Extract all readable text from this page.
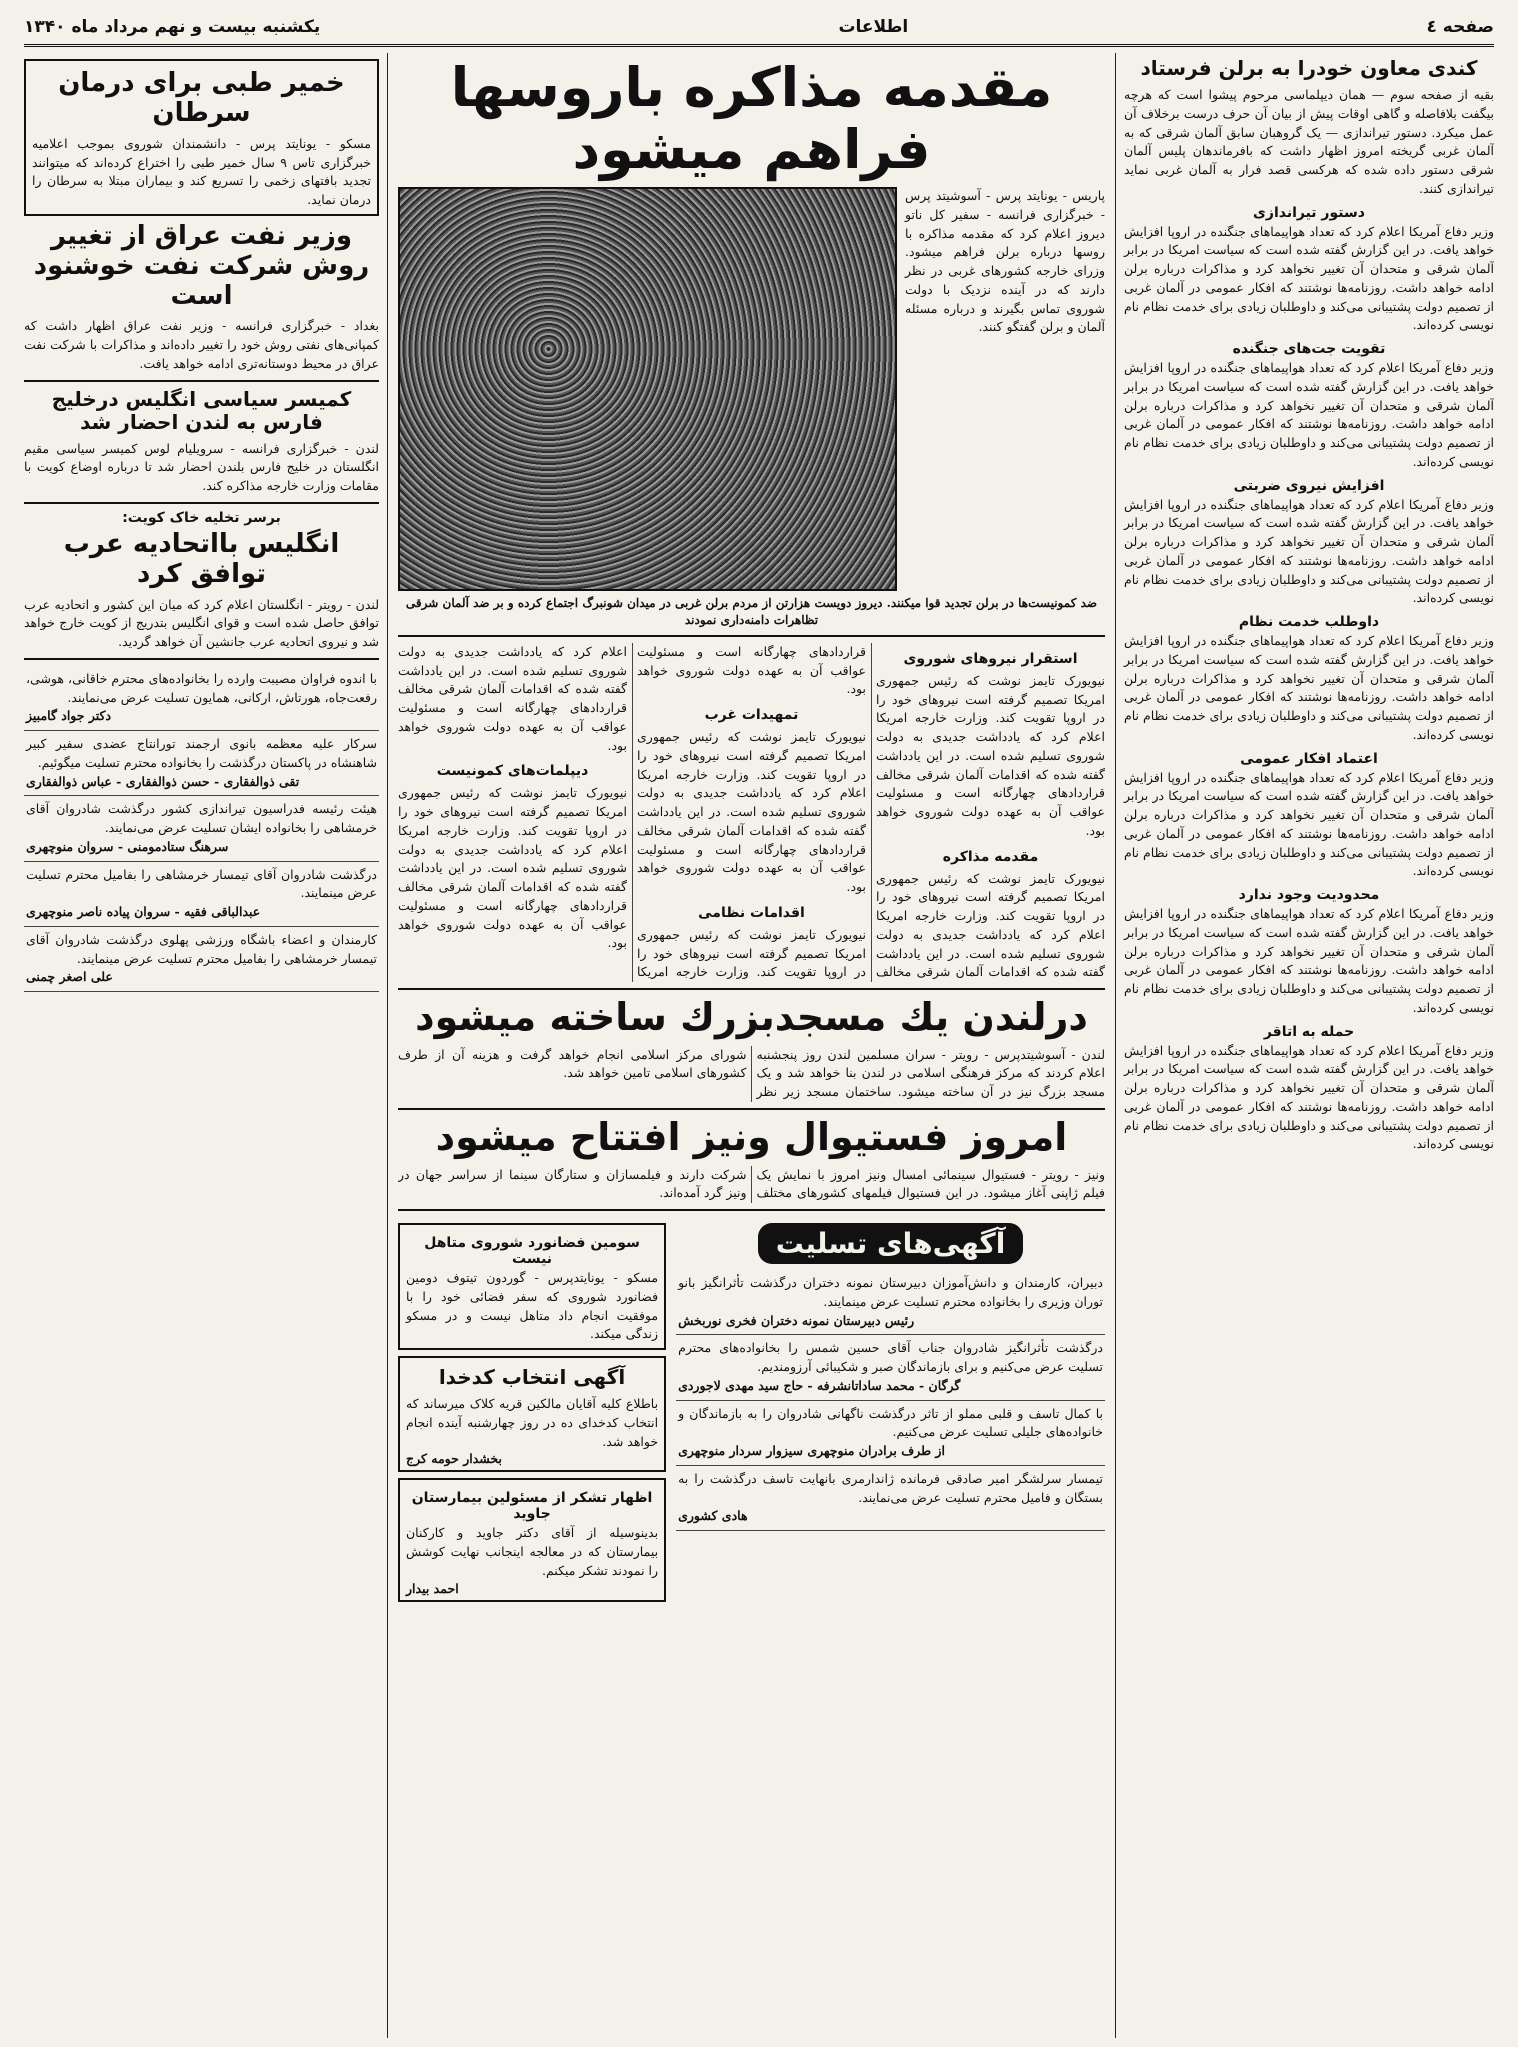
صفحه ٤
اطلاعات
یکشنبه بیست و نهم مرداد ماه ۱۳۴۰
کندی معاون خودرا به برلن فرستاد
بقیه از صفحه سوم — همان دیپلماسی مرحوم پیشوا است که هرچه بیگفت بلافاصله و گاهی اوقات پیش از بیان آن حرف درست برخلاف آن عمل میکرد. دستور تیراندازی — یک گروهبان سابق آلمان شرقی که به آلمان غربی گریخته امروز اظهار داشت که بافرماندهان پلیس آلمان شرقی دستور داده شده که هرکسی قصد فرار به آلمان غربی نماید تیراندازی کنند.
دستور تیراندازی
وزیر دفاع آمریکا اعلام کرد که تعداد هواپیماهای جنگنده در اروپا افزایش خواهد یافت. در این گزارش گفته شده است که سیاست امریکا در برابر آلمان شرقی و متحدان آن تغییر نخواهد کرد و مذاکرات درباره برلن ادامه خواهد داشت. روزنامه‌ها نوشتند که افکار عمومی در آلمان غربی از تصمیم دولت پشتیبانی می‌کند و داوطلبان زیادی برای خدمت نظام نام نویسی کرده‌اند.
تقویت جت‌های جنگنده
وزیر دفاع آمریکا اعلام کرد که تعداد هواپیماهای جنگنده در اروپا افزایش خواهد یافت. در این گزارش گفته شده است که سیاست امریکا در برابر آلمان شرقی و متحدان آن تغییر نخواهد کرد و مذاکرات درباره برلن ادامه خواهد داشت. روزنامه‌ها نوشتند که افکار عمومی در آلمان غربی از تصمیم دولت پشتیبانی می‌کند و داوطلبان زیادی برای خدمت نظام نام نویسی کرده‌اند.
افزایش نیروی ضربتی
وزیر دفاع آمریکا اعلام کرد که تعداد هواپیماهای جنگنده در اروپا افزایش خواهد یافت. در این گزارش گفته شده است که سیاست امریکا در برابر آلمان شرقی و متحدان آن تغییر نخواهد کرد و مذاکرات درباره برلن ادامه خواهد داشت. روزنامه‌ها نوشتند که افکار عمومی در آلمان غربی از تصمیم دولت پشتیبانی می‌کند و داوطلبان زیادی برای خدمت نظام نام نویسی کرده‌اند.
داوطلب خدمت نظام
وزیر دفاع آمریکا اعلام کرد که تعداد هواپیماهای جنگنده در اروپا افزایش خواهد یافت. در این گزارش گفته شده است که سیاست امریکا در برابر آلمان شرقی و متحدان آن تغییر نخواهد کرد و مذاکرات درباره برلن ادامه خواهد داشت. روزنامه‌ها نوشتند که افکار عمومی در آلمان غربی از تصمیم دولت پشتیبانی می‌کند و داوطلبان زیادی برای خدمت نظام نام نویسی کرده‌اند.
اعتماد افکار عمومی
وزیر دفاع آمریکا اعلام کرد که تعداد هواپیماهای جنگنده در اروپا افزایش خواهد یافت. در این گزارش گفته شده است که سیاست امریکا در برابر آلمان شرقی و متحدان آن تغییر نخواهد کرد و مذاکرات درباره برلن ادامه خواهد داشت. روزنامه‌ها نوشتند که افکار عمومی در آلمان غربی از تصمیم دولت پشتیبانی می‌کند و داوطلبان زیادی برای خدمت نظام نام نویسی کرده‌اند.
محدودیت وجود ندارد
وزیر دفاع آمریکا اعلام کرد که تعداد هواپیماهای جنگنده در اروپا افزایش خواهد یافت. در این گزارش گفته شده است که سیاست امریکا در برابر آلمان شرقی و متحدان آن تغییر نخواهد کرد و مذاکرات درباره برلن ادامه خواهد داشت. روزنامه‌ها نوشتند که افکار عمومی در آلمان غربی از تصمیم دولت پشتیبانی می‌کند و داوطلبان زیادی برای خدمت نظام نام نویسی کرده‌اند.
حمله به اتاقر
وزیر دفاع آمریکا اعلام کرد که تعداد هواپیماهای جنگنده در اروپا افزایش خواهد یافت. در این گزارش گفته شده است که سیاست امریکا در برابر آلمان شرقی و متحدان آن تغییر نخواهد کرد و مذاکرات درباره برلن ادامه خواهد داشت. روزنامه‌ها نوشتند که افکار عمومی در آلمان غربی از تصمیم دولت پشتیبانی می‌کند و داوطلبان زیادی برای خدمت نظام نام نویسی کرده‌اند.
مقدمه مذاکره باروسها فراهم میشود
پاریس - یونایتد پرس - آسوشیتد پرس - خبرگزاری فرانسه - سفیر کل ناتو دیروز اعلام کرد که مقدمه مذاکره با روسها درباره برلن فراهم میشود. وزرای خارجه کشورهای غربی در نظر دارند که در آینده نزدیک با دولت شوروی تماس بگیرند و درباره مسئله آلمان و برلن گفتگو کنند.
ضد کمونیست‌ها در برلن تجدید قوا میکنند. دیروز دویست هزارتن از مردم برلن غربی در میدان شونبرگ اجتماع کرده و بر ضد آلمان شرقی تظاهرات دامنه‌داری نمودند
استقرار نیروهای شوروی
نیویورک تایمز نوشت که رئیس جمهوری امریکا تصمیم گرفته است نیروهای خود را در اروپا تقویت کند. وزارت خارجه امریکا اعلام کرد که یادداشت جدیدی به دولت شوروی تسلیم شده است. در این یادداشت گفته شده که اقدامات آلمان شرقی مخالف قراردادهای چهارگانه است و مسئولیت عواقب آن به عهده دولت شوروی خواهد بود.
مقدمه مذاکره
نیویورک تایمز نوشت که رئیس جمهوری امریکا تصمیم گرفته است نیروهای خود را در اروپا تقویت کند. وزارت خارجه امریکا اعلام کرد که یادداشت جدیدی به دولت شوروی تسلیم شده است. در این یادداشت گفته شده که اقدامات آلمان شرقی مخالف قراردادهای چهارگانه است و مسئولیت عواقب آن به عهده دولت شوروی خواهد بود.
تمهیدات غرب
نیویورک تایمز نوشت که رئیس جمهوری امریکا تصمیم گرفته است نیروهای خود را در اروپا تقویت کند. وزارت خارجه امریکا اعلام کرد که یادداشت جدیدی به دولت شوروی تسلیم شده است. در این یادداشت گفته شده که اقدامات آلمان شرقی مخالف قراردادهای چهارگانه است و مسئولیت عواقب آن به عهده دولت شوروی خواهد بود.
اقدامات نظامی
نیویورک تایمز نوشت که رئیس جمهوری امریکا تصمیم گرفته است نیروهای خود را در اروپا تقویت کند. وزارت خارجه امریکا اعلام کرد که یادداشت جدیدی به دولت شوروی تسلیم شده است. در این یادداشت گفته شده که اقدامات آلمان شرقی مخالف قراردادهای چهارگانه است و مسئولیت عواقب آن به عهده دولت شوروی خواهد بود.
دیپلمات‌های کمونیست
نیویورک تایمز نوشت که رئیس جمهوری امریکا تصمیم گرفته است نیروهای خود را در اروپا تقویت کند. وزارت خارجه امریکا اعلام کرد که یادداشت جدیدی به دولت شوروی تسلیم شده است. در این یادداشت گفته شده که اقدامات آلمان شرقی مخالف قراردادهای چهارگانه است و مسئولیت عواقب آن به عهده دولت شوروی خواهد بود.
درلندن یك مسجدبزرك ساخته میشود
لندن - آسوشیتدپرس - رویتر - سران مسلمین لندن روز پنجشنبه اعلام کردند که مرکز فرهنگی اسلامی در لندن بنا خواهد شد و یک مسجد بزرگ نیز در آن ساخته میشود. ساختمان مسجد زیر نظر شورای مرکز اسلامی انجام خواهد گرفت و هزینه آن از طرف کشورهای اسلامی تامین خواهد شد.
امروز فستیوال ونیز افتتاح میشود
ونیز - رویتر - فستیوال سینمائی امسال ونیز امروز با نمایش یک فیلم ژاپنی آغاز میشود. در این فستیوال فیلمهای کشورهای مختلف شرکت دارند و فیلمسازان و ستارگان سینما از سراسر جهان در ونیز گرد آمده‌اند.
آگهی‌های تسلیت
دبیران، کارمندان و دانش‌آموزان دبیرستان نمونه دختران درگذشت تأثرانگیز بانو توران وزیری را بخانواده محترم تسلیت عرض مینمایند.
رئیس دبیرستان نمونه دختران فخری نوربخش
درگذشت تأثرانگیز شادروان جناب آقای حسین شمس را بخانواده‌های محترم تسلیت عرض می‌کنیم و برای بازماندگان صبر و شکیبائی آرزومندیم.
گرگان - محمد ساداتانشرفه - حاج سید مهدی لاجوردی
با کمال تاسف و قلبی مملو از تاثر درگذشت ناگهانی شادروان را به بازماندگان و خانواده‌های جلیلی تسلیت عرض می‌کنیم.
از طرف برادران منوچهری سیزوار سردار منوچهری
تیمسار سرلشگر امیر صادقی فرمانده ژاندارمری بانهایت تاسف درگذشت را به بستگان و فامیل محترم تسلیت عرض می‌نمایند.
هادی کشوری
سومین فضانورد شوروی متاهل نیست
مسکو - یونایتدپرس - گوردون تیتوف دومین فضانورد شوروی که سفر فضائی خود را با موفقیت انجام داد متاهل نیست و در مسکو زندگی میکند.
آگهی انتخاب کدخدا
باطلاع کلیه آقایان مالکین قریه کلاک میرساند که انتخاب کدخدای ده در روز چهارشنبه آینده انجام خواهد شد.
بخشدار حومه کرج
اظهار تشکر از مسئولین بیمارستان جاوید
بدینوسیله از آقای دکتر جاوید و کارکنان بیمارستان که در معالجه اینجانب نهایت کوشش را نمودند تشکر میکنم.
احمد بیدار
خمیر طبی برای درمان سرطان
مسکو - یونایتد پرس - دانشمندان شوروی بموجب اعلامیه خبرگزاری تاس ۹ سال خمیر طبی را اختراع کرده‌اند که میتوانند تجدید بافتهای زخمی را تسریع کند و بیماران مبتلا به سرطان را درمان نماید.
وزیر نفت عراق از تغییر روش شرکت نفت خوشنود است
بغداد - خبرگزاری فرانسه - وزیر نفت عراق اظهار داشت که کمپانی‌های نفتی روش خود را تغییر داده‌اند و مذاکرات با شرکت نفت عراق در محیط دوستانه‌تری ادامه خواهد یافت.
کمیسر سیاسی انگلیس درخلیج فارس به لندن احضار شد
لندن - خبرگزاری فرانسه - سرویلیام لوس کمیسر سیاسی مقیم انگلستان در خلیج فارس بلندن احضار شد تا درباره اوضاع کویت با مقامات وزارت خارجه مذاکره کند.
برسر تخلیه خاک کویت:
انگلیس بااتحادیه عرب توافق کرد
لندن - رویتر - انگلستان اعلام کرد که میان این کشور و اتحادیه عرب توافق حاصل شده است و قوای انگلیس بتدریج از کویت خارج خواهد شد و نیروی اتحادیه عرب جانشین آن خواهد گردید.
با اندوه فراوان مصیبت وارده را بخانواده‌های محترم خاقانی، هوشی، رفعت‌جاه، هورتاش، ارکانی، همایون تسلیت عرض می‌نمایند.
دکتر جواد گامبیز
سرکار علیه معظمه بانوی ارجمند تورانتاج عضدی سفیر کبیر شاهنشاه در پاکستان درگذشت را بخانواده محترم تسلیت میگوئیم.
تقی ذوالفقاری - حسن ذوالفقاری - عباس ذوالفقاری
هیئت رئیسه فدراسیون تیراندازی کشور درگذشت شادروان آقای خرمشاهی را بخانواده ایشان تسلیت عرض می‌نمایند.
سرهنگ ستادمومنی - سروان منوچهری
درگذشت شادروان آقای تیمسار خرمشاهی را بفامیل محترم تسلیت عرض مینمایند.
عبدالباقی فقیه - سروان پیاده ناصر منوچهری
کارمندان و اعضاء باشگاه ورزشی پهلوی درگذشت شادروان آقای تیمسار خرمشاهی را بفامیل محترم تسلیت عرض مینمایند.
علی اصغر چمنی
